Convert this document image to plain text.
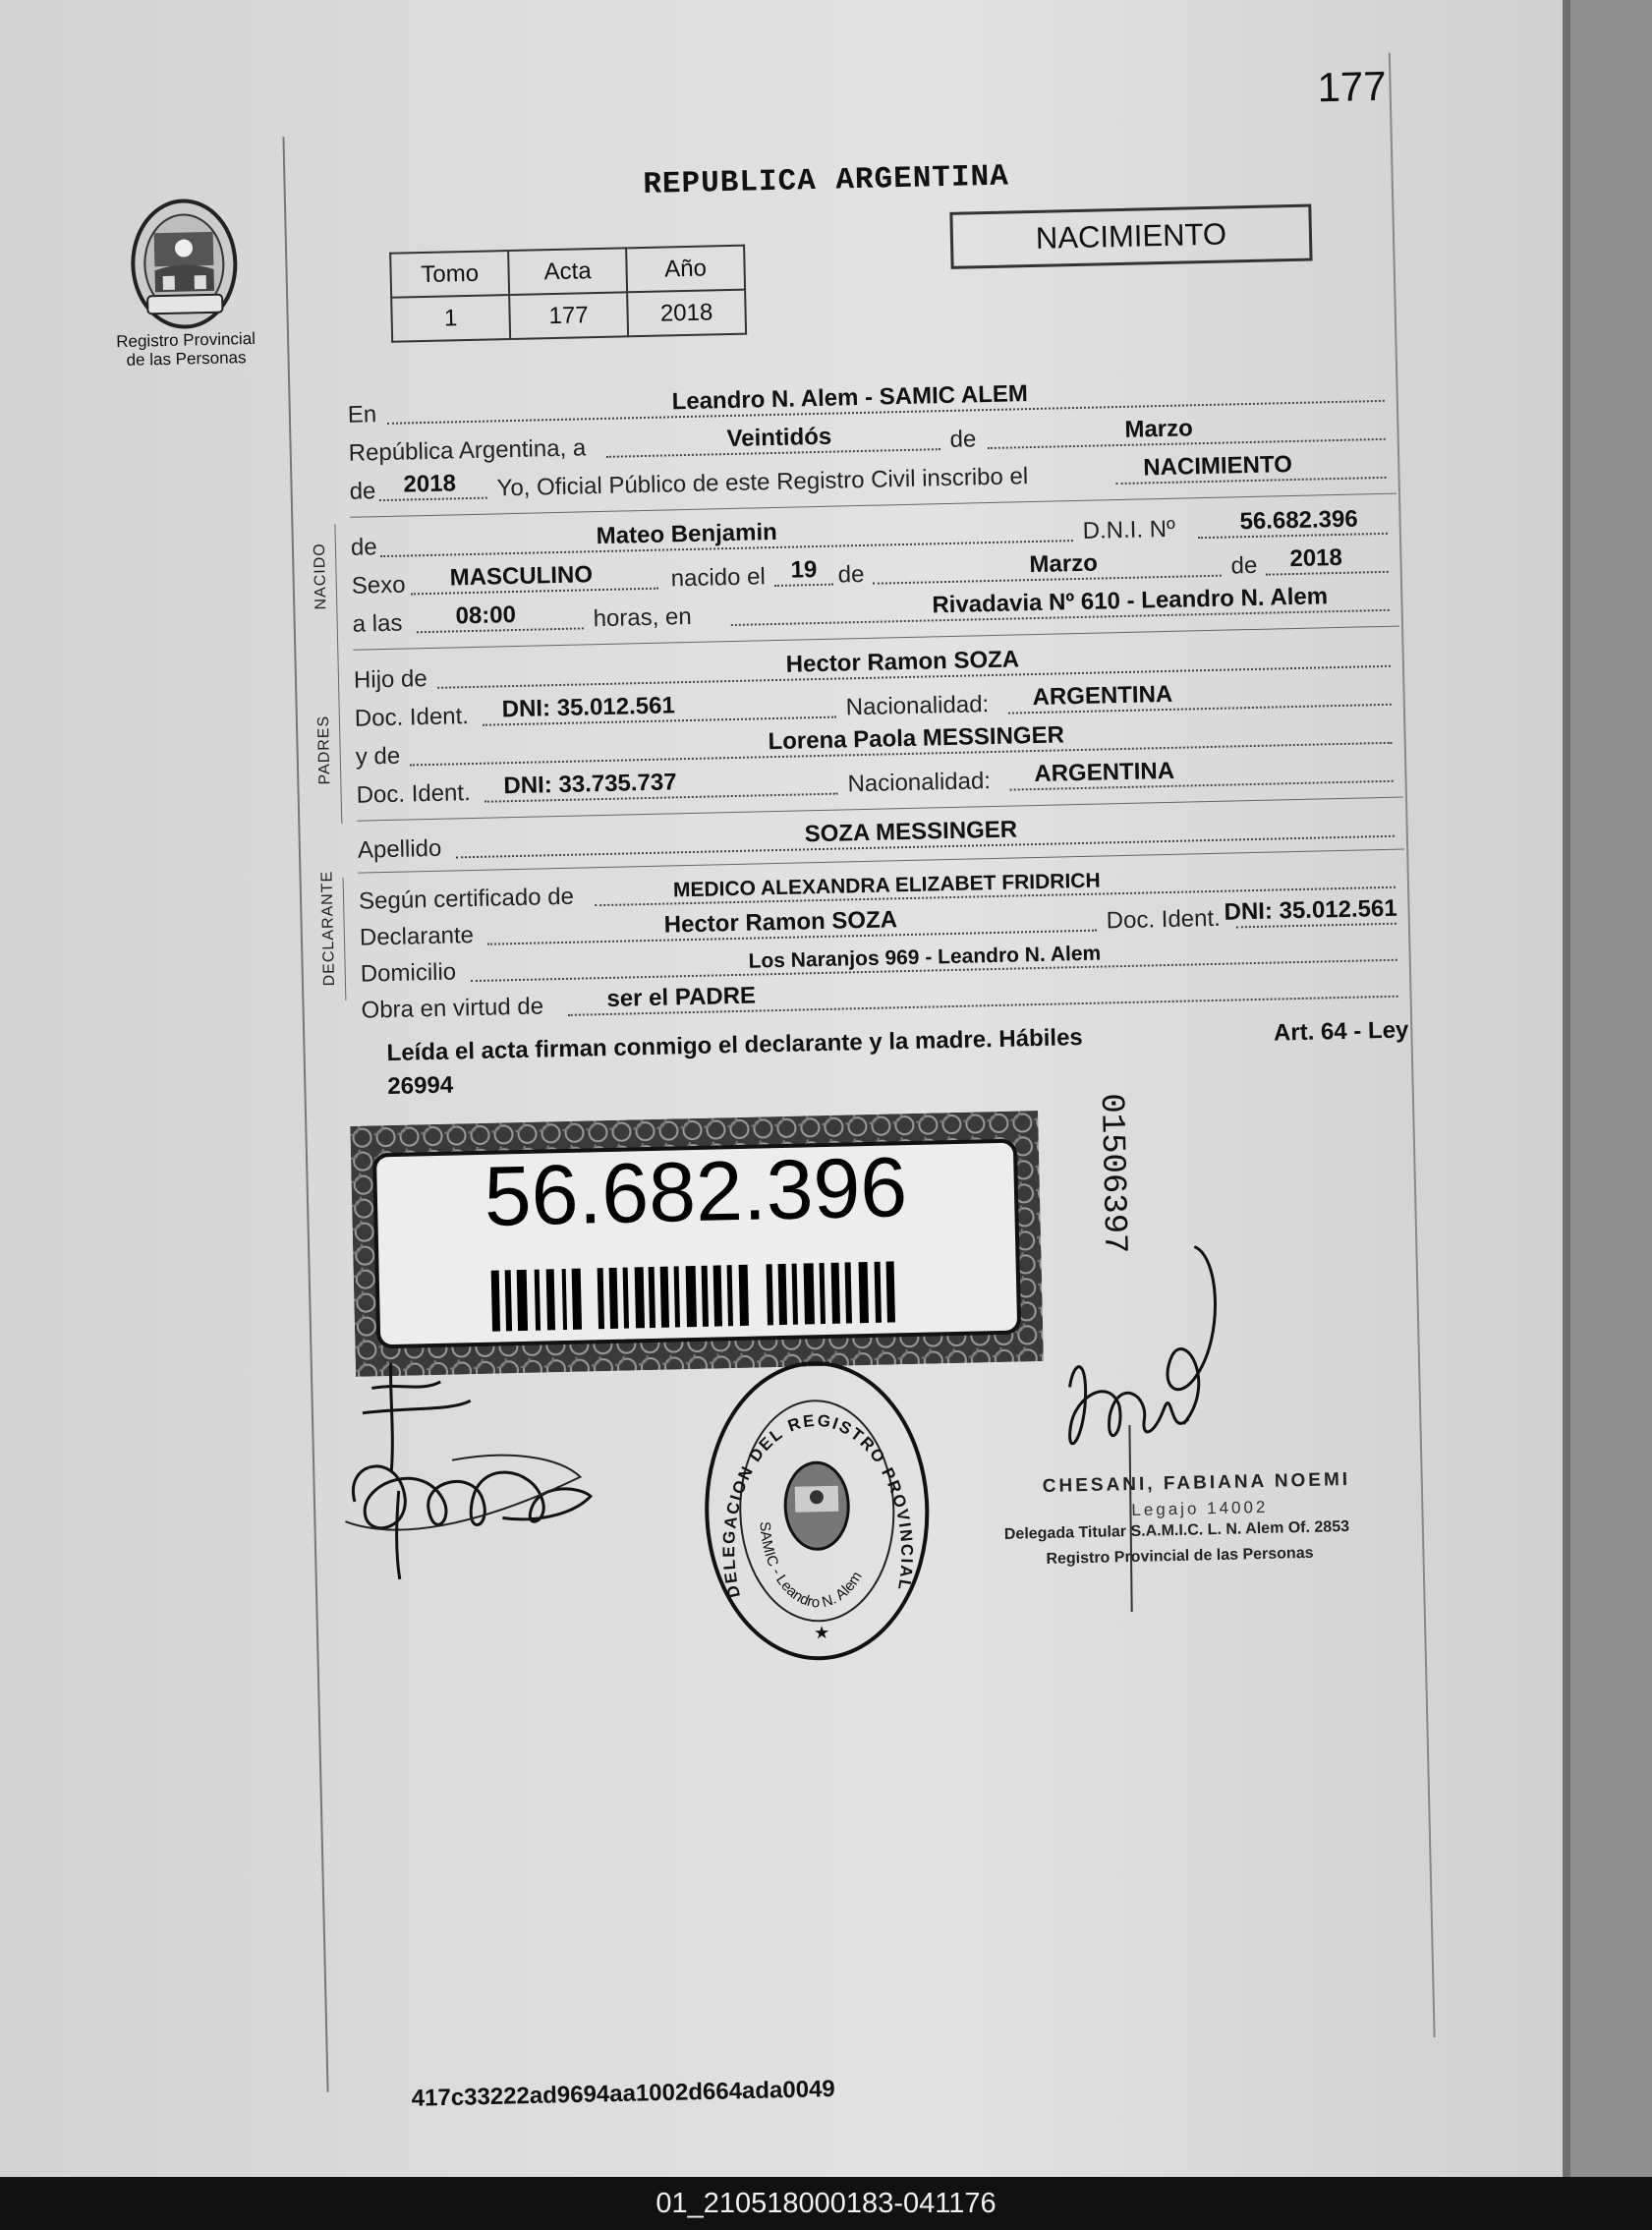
177
Registro Provincial
de las Personas
REPUBLICA ARGENTINA
Tomo	Acta	Año
1	177	2018
NACIMIENTO
En	Leandro N. Alem - SAMIC ALEM
República Argentina, a	Veintidós	de	Marzo
de 2018 Yo, Oficial Público de este Registro Civil inscribo el	NACIMIENTO
NACIDO de	Mateo Benjamin	D.N.I. Nº	56.682.396
Sexo MASCULINO	nacido el 19 de	Marzo	de 2018
a las 08:00	horas, en	Rivadavia Nº 610 - Leandro N. Alem
PADRES
Hijo de
Hector Ramon SOZA
Doc. Ident. DNI: 35.012.561	Nacionalidad: ARGENTINA
y de
Lorena Paola MESSINGER
Doc. Ident. DNI: 33.735.737	Nacionalidad: ARGENTINA
Apellido
SOZA MESSINGER
DECLARANTE Según certificado de	MEDICO ALEXANDRA ELIZABET FRIDRICH
Declarante	Hector Ramon SOZA	Doc. Ident. DNI: 35.012.561
Domicilio
Los Naranjos 969 - Leandro N. Alem
Obra en virtud de	ser el PADRE
Leída el acta firman conmigo el declarante y la madre. Hábiles	Art. 64 - Ley
26994
56.682.396	01506397
DELEGACION DEL REGISTRO PROVINCIAL
SAMIC - Leandro N. Alem
★
CHESANI, FABIANA NOEMI
Legajo 14002
Delegada Titular S.A.M.I.C. L. N. Alem Of. 2853
Registro Provincial de las Personas
417c33222ad9694aa1002d664ada0049
01_210518000183-041176
